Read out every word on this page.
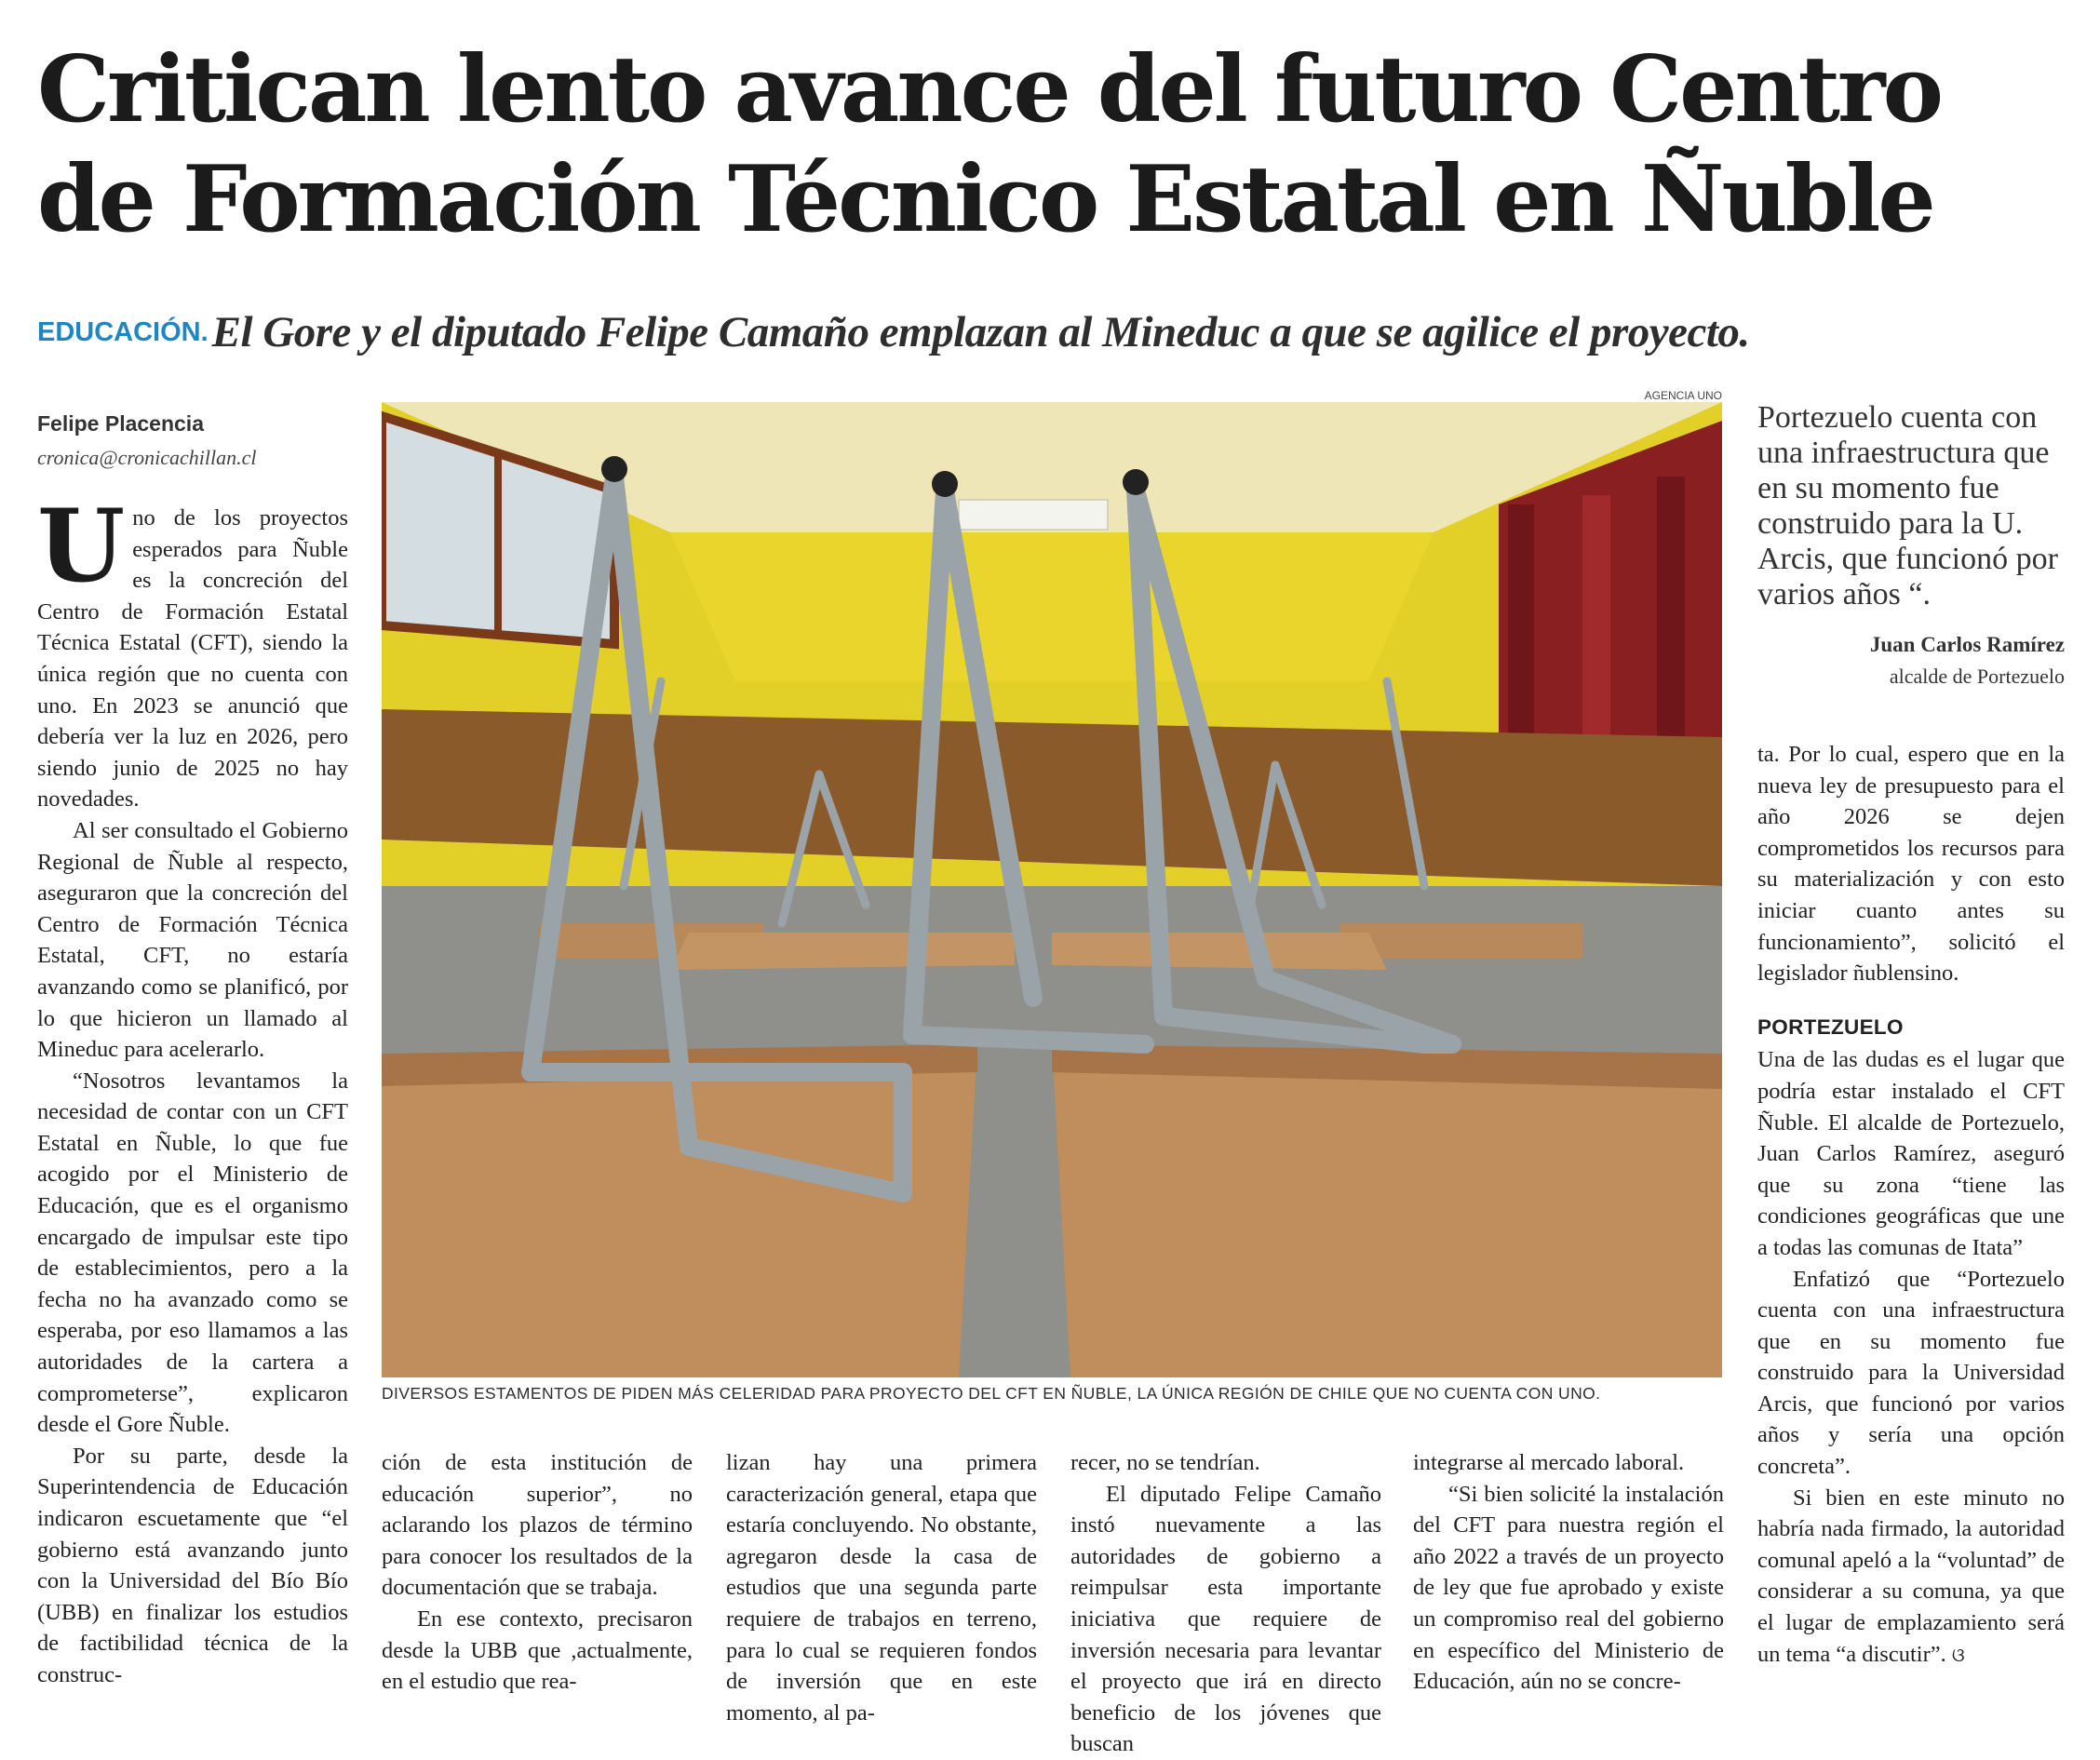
Critican lento avance del futuro Centro
de Formación Técnico Estatal en Ñuble
EDUCACIÓN. El Gore y el diputado Felipe Camaño emplazan al Mineduc a que se agilice el proyecto.
Felipe Placencia
cronica@cronicachillan.cl

Uno de los proyectos esperados para Ñuble es la concreción del Centro de Formación Estatal Técnica Estatal (CFT), siendo la única región que no cuenta con uno. En 2023 se anunció que debería ver la luz en 2026, pero siendo junio de 2025 no hay novedades.

Al ser consultado el Gobierno Regional de Ñuble al respecto, aseguraron que la concreción del Centro de Formación Técnica Estatal, CFT, no estaría avanzando como se planificó, por lo que hicieron un llamado al Mineduc para acelerarlo.

“Nosotros levantamos la necesidad de contar con un CFT Estatal en Ñuble, lo que fue acogido por el Ministerio de Educación, que es el organismo encargado de impulsar este tipo de establecimientos, pero a la fecha no ha avanzado como se esperaba, por eso llamamos a las autoridades de la cartera a comprometerse”, explicaron desde el Gore Ñuble.

Por su parte, desde la Superintendencia de Educación indicaron escuetamente que “el gobierno está avanzando junto con la Universidad del Bío Bío (UBB) en finalizar los estudios de factibilidad técnica de la construc-

AGENCIA UNO
DIVERSOS ESTAMENTOS DE PIDEN MÁS CELERIDAD PARA PROYECTO DEL CFT EN ÑUBLE, LA ÚNICA REGIÓN DE CHILE QUE NO CUENTA CON UNO.
Portezuelo cuenta con una infraestructura que en su momento fue construido para la U. Arcis, que funcionó por varios años “.
Juan Carlos Ramírez
alcalde de Portezuelo

ción de esta institución de educación superior”, no aclarando los plazos de término para conocer los resultados de la documentación que se trabaja.

En ese contexto, precisaron desde la UBB que ,actualmente, en el estudio que rea-

lizan hay una primera caracterización general, etapa que estaría concluyendo. No obstante, agregaron desde la casa de estudios que una segunda parte requiere de trabajos en terreno, para lo cual se requieren fondos de inversión que en este momento, al pa-

recer, no se tendrían.

El diputado Felipe Camaño instó nuevamente a las autoridades de gobierno a reimpulsar esta importante iniciativa que requiere de inversión necesaria para levantar el proyecto que irá en directo beneficio de los jóvenes que buscan

integrarse al mercado laboral.

“Si bien solicité la instalación del CFT para nuestra región el año 2022 a través de un proyecto de ley que fue aprobado y existe un compromiso real del gobierno en específico del Ministerio de Educación, aún no se concre-

ta. Por lo cual, espero que en la nueva ley de presupuesto para el año 2026 se dejen comprometidos los recursos para su materialización y con esto iniciar cuanto antes su funcionamiento”, solicitó el legislador ñublensino.

PORTEZUELO

Una de las dudas es el lugar que podría estar instalado el CFT Ñuble. El alcalde de Portezuelo, Juan Carlos Ramírez, aseguró que su zona “tiene las condiciones geográficas que une a todas las comunas de Itata”

Enfatizó que “Portezuelo cuenta con una infraestructura que en su momento fue construido para la Universidad Arcis, que funcionó por varios años y sería una opción concreta”.

Si bien en este minuto no habría nada firmado, la autoridad comunal apeló a la “voluntad” de considerar a su comuna, ya que el lugar de emplazamiento será un tema “a discutir”. ଓ
